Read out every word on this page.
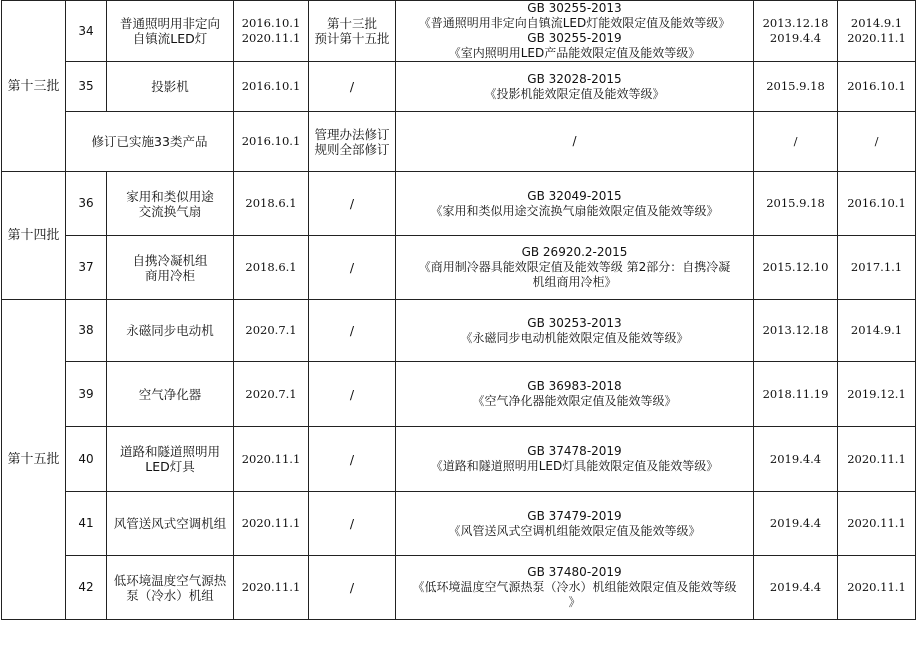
第十三批	34	普通照明用非定向
自镇流LED灯	2016.10.1
2020.11.1	第十三批
预计第十五批	GB 30255-2013
《普通照明用非定向自镇流LED灯能效限定值及能效等级》
GB 30255-2019
《室内照明用LED产品能效限定值及能效等级》	2013.12.18
2019.4.4	2014.9.1
2020.11.1

	35	投影机	2016.10.1	/	GB 32028-2015
《投影机能效限定值及能效等级》	2015.9.18	2016.10.1

	修订已实施33类产品		2016.10.1	管理办法修订
规则全部修订	/	/	/

第十四批	36	家用和类似用途
交流换气扇	2018.6.1	/	GB 32049-2015
《家用和类似用途交流换气扇能效限定值及能效等级》	2015.9.18	2016.10.1

	37	自携冷凝机组
商用冷柜	2018.6.1	/	GB 26920.2-2015
《商用制冷器具能效限定值及能效等级 第2部分：自携冷凝
机组商用冷柜》	2015.12.10	2017.1.1

第十五批	38	永磁同步电动机	2020.7.1	/	GB 30253-2013
《永磁同步电动机能效限定值及能效等级》	2013.12.18	2014.9.1

	39	空气净化器	2020.7.1	/	GB 36983-2018
《空气净化器能效限定值及能效等级》	2018.11.19	2019.12.1

	40	道路和隧道照明用
LED灯具	2020.11.1	/	GB 37478-2019
《道路和隧道照明用LED灯具能效限定值及能效等级》	2019.4.4	2020.11.1

	41	风管送风式空调机组	2020.11.1	/	GB 37479-2019
《风管送风式空调机组能效限定值及能效等级》	2019.4.4	2020.11.1

	42	低环境温度空气源热
泵（冷水）机组	2020.11.1	/	GB 37480-2019
《低环境温度空气源热泵（冷水）机组能效限定值及能效等级
》	2019.4.4	2020.11.1
